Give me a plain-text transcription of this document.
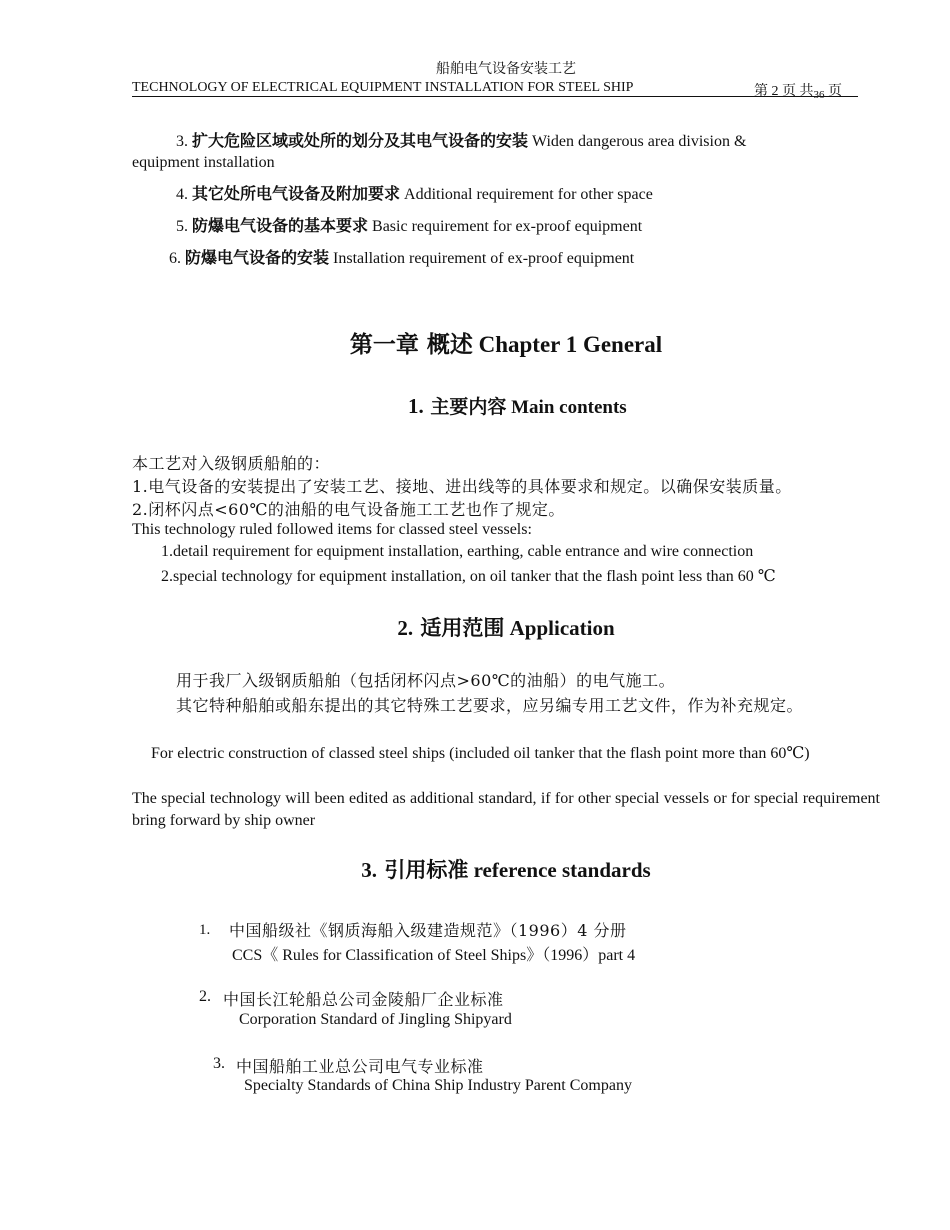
船舶电气设备安装工艺
TECHNOLOGY OF ELECTRICAL EQUIPMENT INSTALLATION FOR STEEL SHIP	第 2 页 共$_{36}$ 页
3. 扩大危险区域或处所的划分及其电气设备的安装 Widen dangerous area division &
equipment installation
4. 其它处所电气设备及附加要求 Additional requirement for other space
5. 防爆电气设备的基本要求 Basic requirement for ex-proof equipment
6. 防爆电气设备的安装 Installation requirement of ex-proof equipment
第一章 概述 Chapter 1 General
1. 主要内容 Main contents
本工艺对入级钢质船舶的：
1.电气设备的安装提出了安装工艺、接地、进出线等的具体要求和规定。以确保安装质量。
2.闭杯闪点<60℃的油船的电气设备施工工艺也作了规定。
This technology ruled followed items for classed steel vessels:
1.detail requirement for equipment installation, earthing, cable entrance and wire connection
2.special technology for equipment installation, on oil tanker that the flash point less than 60 ℃
2. 适用范围 Application
用于我厂入级钢质船舶（包括闭杯闪点>60℃的油船）的电气施工。
其它特种船舶或船东提出的其它特殊工艺要求，应另编专用工艺文件，作为补充规定。
For electric construction of classed steel ships (included oil tanker that the flash point more than 60℃)
The special technology will been edited as additional standard, if for other special vessels or for special requirement bring forward by ship owner
3. 引用标准 reference standards
1. 中国船级社《钢质海船入级建造规范》（1996）4 分册
CCS《 Rules for Classification of Steel Ships》（1996）part 4
2. 中国长江轮船总公司金陵船厂企业标准
Corporation Standard of Jingling Shipyard
3. 中国船舶工业总公司电气专业标准
Specialty Standards of China Ship Industry Parent Company
